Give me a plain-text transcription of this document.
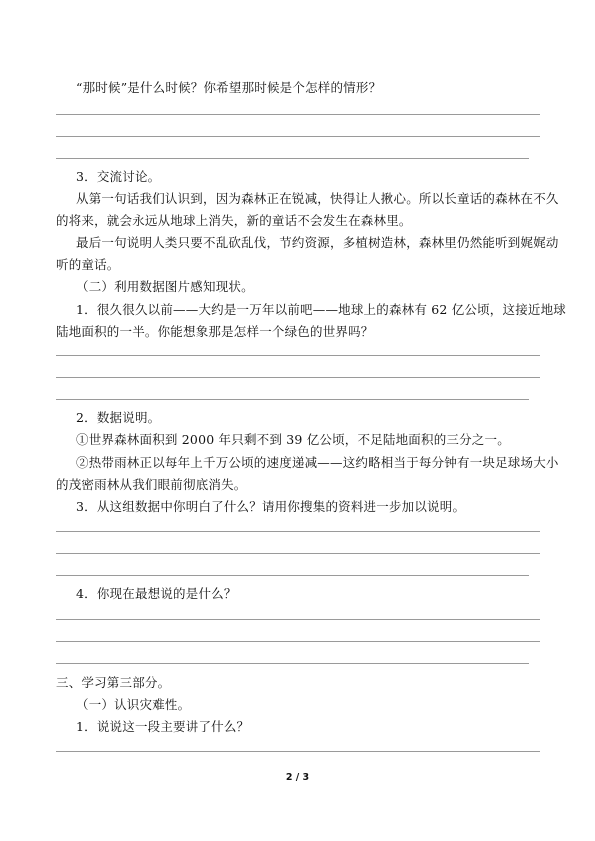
“那时候”是什么时候？你希望那时候是个怎样的情形？
3．交流讨论。
从第一句话我们认识到，因为森林正在锐减，快得让人揪心。所以长童话的森林在不久
的将来，就会永远从地球上消失，新的童话不会发生在森林里。
最后一句说明人类只要不乱砍乱伐，节约资源，多植树造林，森林里仍然能听到娓娓动
听的童话。
（二）利用数据图片感知现状。
1．很久很久以前——大约是一万年以前吧——地球上的森林有 62 亿公顷，这接近地球
陆地面积的一半。你能想象那是怎样一个绿色的世界吗？
2．数据说明。
①世界森林面积到 2000 年只剩不到 39 亿公顷，不足陆地面积的三分之一。
②热带雨林正以每年上千万公顷的速度递减——这约略相当于每分钟有一块足球场大小
的茂密雨林从我们眼前彻底消失。
3．从这组数据中你明白了什么？请用你搜集的资料进一步加以说明。
4．你现在最想说的是什么？
三、学习第三部分。
（一）认识灾难性。
1．说说这一段主要讲了什么？
2 / 3
